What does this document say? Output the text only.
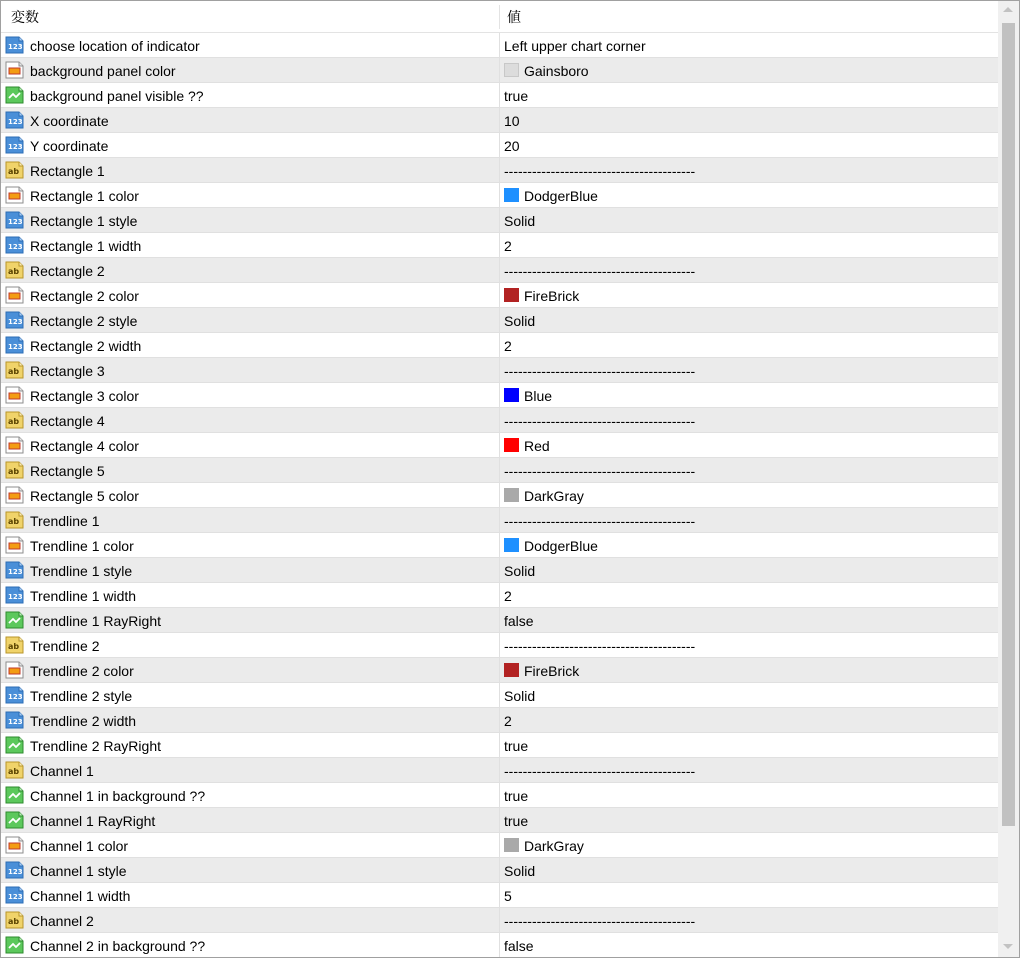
変数	値
123 choose location of indicator	Left upper chart corner
background panel color	Gainsboro
background panel visible ??	true
123 X coordinate	10
123 Y coordinate	20
ab Rectangle 1	-----------------------------------------
Rectangle 1 color	DodgerBlue
123 Rectangle 1 style	Solid
123 Rectangle 1 width	2
ab Rectangle 2	-----------------------------------------
Rectangle 2 color	FireBrick
123 Rectangle 2 style	Solid
123 Rectangle 2 width	2
ab Rectangle 3	-----------------------------------------
Rectangle 3 color	Blue
ab Rectangle 4	-----------------------------------------
Rectangle 4 color	Red
ab Rectangle 5	-----------------------------------------
Rectangle 5 color	DarkGray
ab Trendline 1	-----------------------------------------
Trendline 1 color	DodgerBlue
123 Trendline 1 style	Solid
123 Trendline 1 width	2
Trendline 1 RayRight	false
ab Trendline 2	-----------------------------------------
Trendline 2 color	FireBrick
123 Trendline 2 style	Solid
123 Trendline 2 width	2
Trendline 2 RayRight	true
ab Channel 1	-----------------------------------------
Channel 1 in background ??	true
Channel 1 RayRight	true
Channel 1 color	DarkGray
123 Channel 1 style	Solid
123 Channel 1 width	5
ab Channel 2	-----------------------------------------
Channel 2 in background ??	false
